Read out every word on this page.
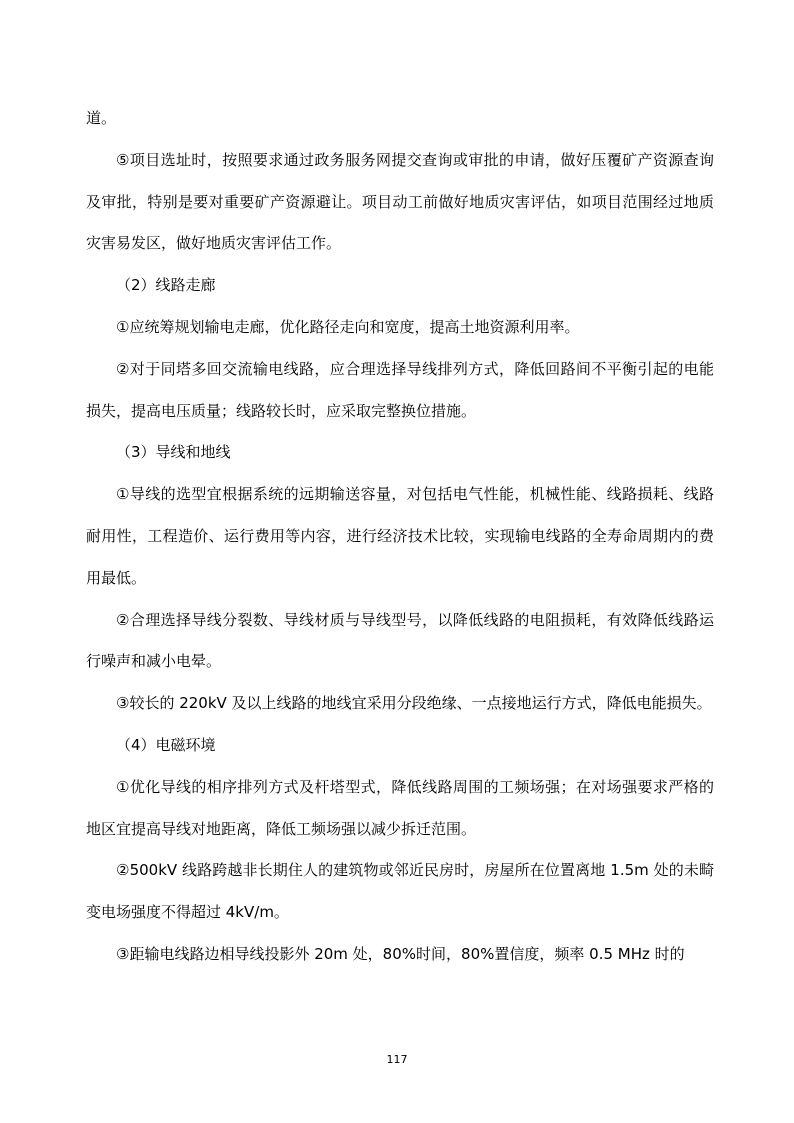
道。

⑤项目选址时，按照要求通过政务服务网提交查询或审批的申请，做好压覆矿产资源查询及审批，特别是要对重要矿产资源避让。项目动工前做好地质灾害评估，如项目范围经过地质灾害易发区，做好地质灾害评估工作。

（2）线路走廊

①应统筹规划输电走廊，优化路径走向和宽度，提高土地资源利用率。

②对于同塔多回交流输电线路，应合理选择导线排列方式，降低回路间不平衡引起的电能损失，提高电压质量；线路较长时，应采取完整换位措施。

（3）导线和地线

①导线的选型宜根据系统的远期输送容量，对包括电气性能，机械性能、线路损耗、线路耐用性，工程造价、运行费用等内容，进行经济技术比较，实现输电线路的全寿命周期内的费用最低。

②合理选择导线分裂数、导线材质与导线型号，以降低线路的电阻损耗，有效降低线路运行噪声和减小电晕。

③较长的 220kV 及以上线路的地线宜采用分段绝缘、一点接地运行方式，降低电能损失。

（4）电磁环境

①优化导线的相序排列方式及杆塔型式，降低线路周围的工频场强；在对场强要求严格的地区宜提高导线对地距离，降低工频场强以减少拆迁范围。

②500kV 线路跨越非长期住人的建筑物或邻近民房时，房屋所在位置离地 1.5m 处的未畸变电场强度不得超过 4kV/m。

③距输电线路边相导线投影外 20m 处，80%时间，80%置信度，频率 0.5 MHz 时的

117
